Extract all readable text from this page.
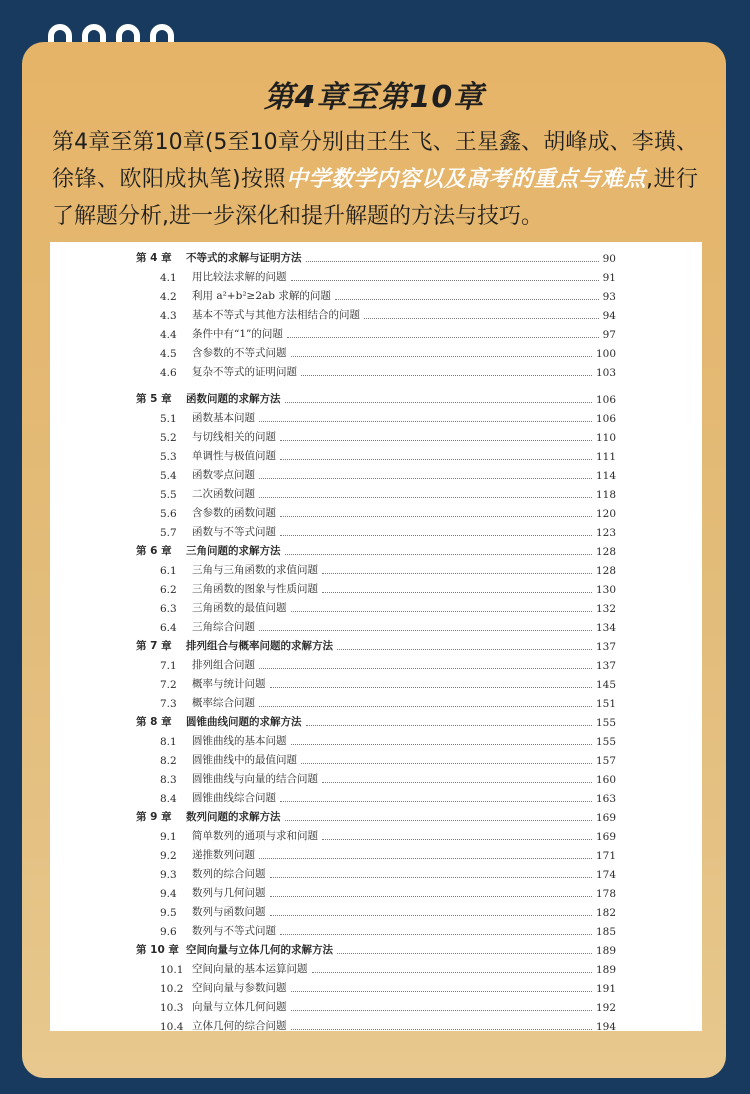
第4章至第10章
第4章至第10章(5至10章分别由王生飞、王星鑫、胡峰成、李璜、徐锋、欧阳成执笔)按照中学数学内容以及高考的重点与难点,进行了解题分析,进一步深化和提升解题的方法与技巧。
第 4 章	不等式的求解与证明方法	90
4.1	用比较法求解的问题	91
4.2	利用 a²+b²≥2ab 求解的问题	93
4.3	基本不等式与其他方法相结合的问题	94
4.4	条件中有“1”的问题	97
4.5	含参数的不等式问题	100
4.6	复杂不等式的证明问题	103
第 5 章	函数问题的求解方法	106
5.1	函数基本问题	106
5.2	与切线相关的问题	110
5.3	单调性与极值问题	111
5.4	函数零点问题	114
5.5	二次函数问题	118
5.6	含参数的函数问题	120
5.7	函数与不等式问题	123
第 6 章	三角问题的求解方法	128
6.1	三角与三角函数的求值问题	128
6.2	三角函数的图象与性质问题	130
6.3	三角函数的最值问题	132
6.4	三角综合问题	134
第 7 章	排列组合与概率问题的求解方法	137
7.1	排列组合问题	137
7.2	概率与统计问题	145
7.3	概率综合问题	151
第 8 章	圆锥曲线问题的求解方法	155
8.1	圆锥曲线的基本问题	155
8.2	圆锥曲线中的最值问题	157
8.3	圆锥曲线与向量的结合问题	160
8.4	圆锥曲线综合问题	163
第 9 章	数列问题的求解方法	169
9.1	简单数列的通项与求和问题	169
9.2	递推数列问题	171
9.3	数列的综合问题	174
9.4	数列与几何问题	178
9.5	数列与函数问题	182
9.6	数列与不等式问题	185
第 10 章 空间向量与立体几何的求解方法	189
10.1 空间向量的基本运算问题	189
10.2 空间向量与参数问题	191
10.3 向量与立体几何问题	192
10.4 立体几何的综合问题	194
